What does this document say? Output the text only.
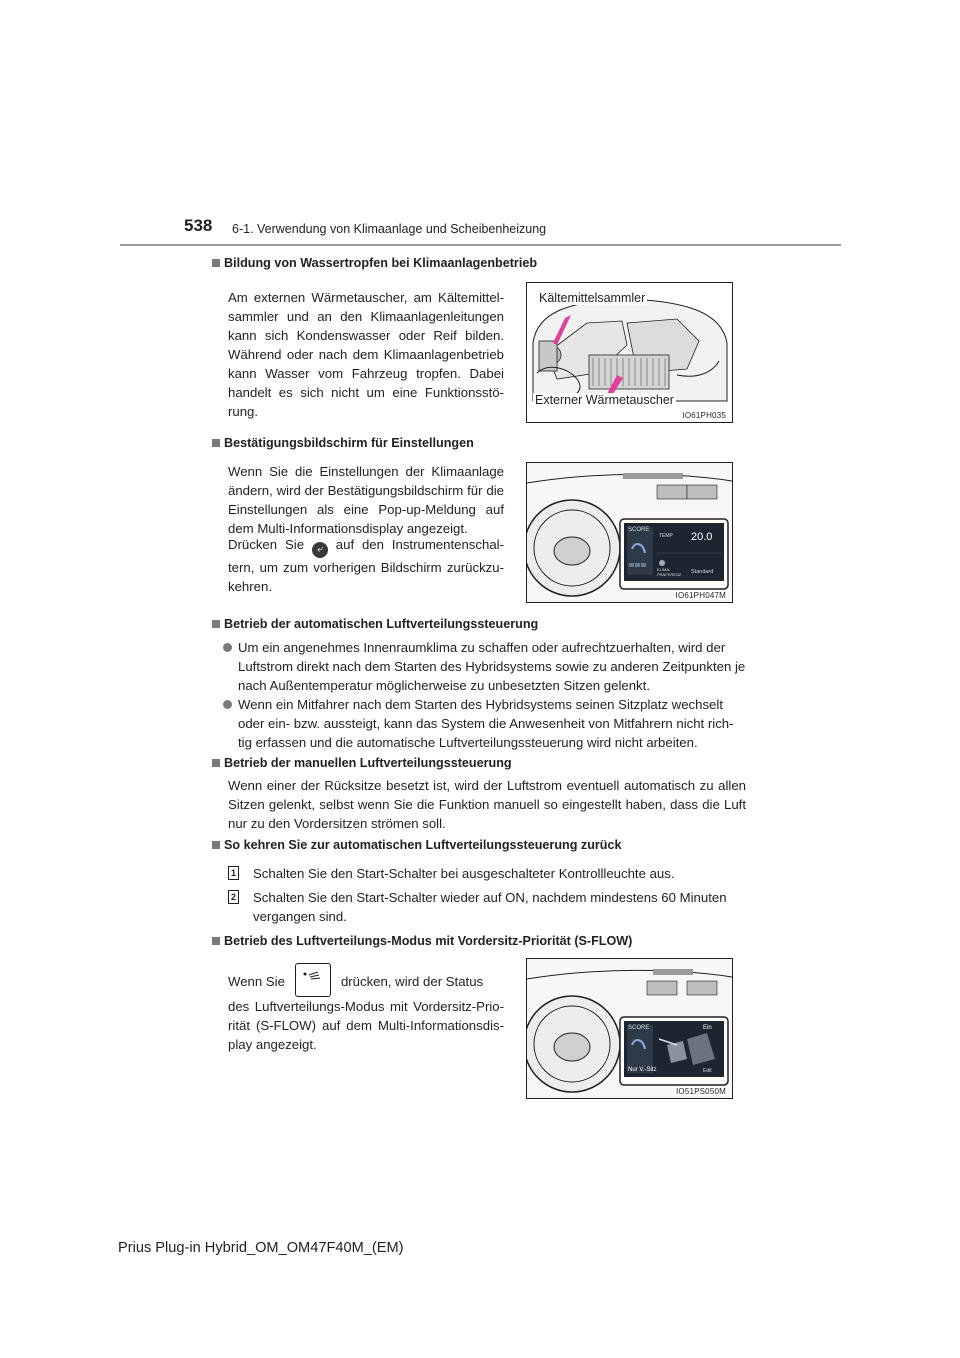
538 6-1. Verwendung von Klimaanlage und Scheibenheizung
Bildung von Wassertropfen bei Klimaanlagenbetrieb
Am externen Wärmetauscher, am Kältemittel-sammler und an den Klimaanlagenleitungen kann sich Kondenswasser oder Reif bilden. Während oder nach dem Klimaanlagenbetrieb kann Wasser vom Fahrzeug tropfen. Dabei handelt es sich nicht um eine Funktionsstö-rung.
Kältemittelsammler
Externer Wärmetauscher
IO61PH035
Bestätigungsbildschirm für Einstellungen
Wenn Sie die Einstellungen der Klimaanlage ändern, wird der Bestätigungsbildschirm für die Einstellungen als eine Pop-up-Meldung auf dem Multi-Informationsdisplay angezeigt.
Drücken Sie ⤶ auf den Instrumentenschal-tern, um zum vorherigen Bildschirm zurückzu-kehren.
SCORE
TEMP 20.0
KLIMA-PRÄFERENZ	Standard
IO61PH047M
Betrieb der automatischen Luftverteilungssteuerung
Um ein angenehmes Innenraumklima zu schaffen oder aufrechtzuerhalten, wird der Luftstrom direkt nach dem Starten des Hybridsystems sowie zu anderen Zeitpunkten je nach Außentemperatur möglicherweise zu unbesetzten Sitzen gelenkt.
Wenn ein Mitfahrer nach dem Starten des Hybridsystems seinen Sitzplatz wechselt oder ein- bzw. aussteigt, kann das System die Anwesenheit von Mitfahrern nicht rich-tig erfassen und die automatische Luftverteilungssteuerung wird nicht arbeiten.
Betrieb der manuellen Luftverteilungssteuerung
Wenn einer der Rücksitze besetzt ist, wird der Luftstrom eventuell automatisch zu allen Sitzen gelenkt, selbst wenn Sie die Funktion manuell so eingestellt haben, dass die Luft nur zu den Vordersitzen strömen soll.
So kehren Sie zur automatischen Luftverteilungssteuerung zurück
1 Schalten Sie den Start-Schalter bei ausgeschalteter Kontrollleuchte aus.
2 Schalten Sie den Start-Schalter wieder auf ON, nachdem mindestens 60 Minuten vergangen sind.
Betrieb des Luftverteilungs-Modus mit Vordersitz-Priorität (S-FLOW)
Wenn Sie	drücken, wird der Status
des Luftverteilungs-Modus mit Vordersitz-Prio-rität (S-FLOW) auf dem Multi-Informationsdis-play angezeigt.
SCORE	Ein
Nur V.-Sitz	Edit
IO51PS050M
Prius Plug-in Hybrid_OM_OM47F40M_(EM)
